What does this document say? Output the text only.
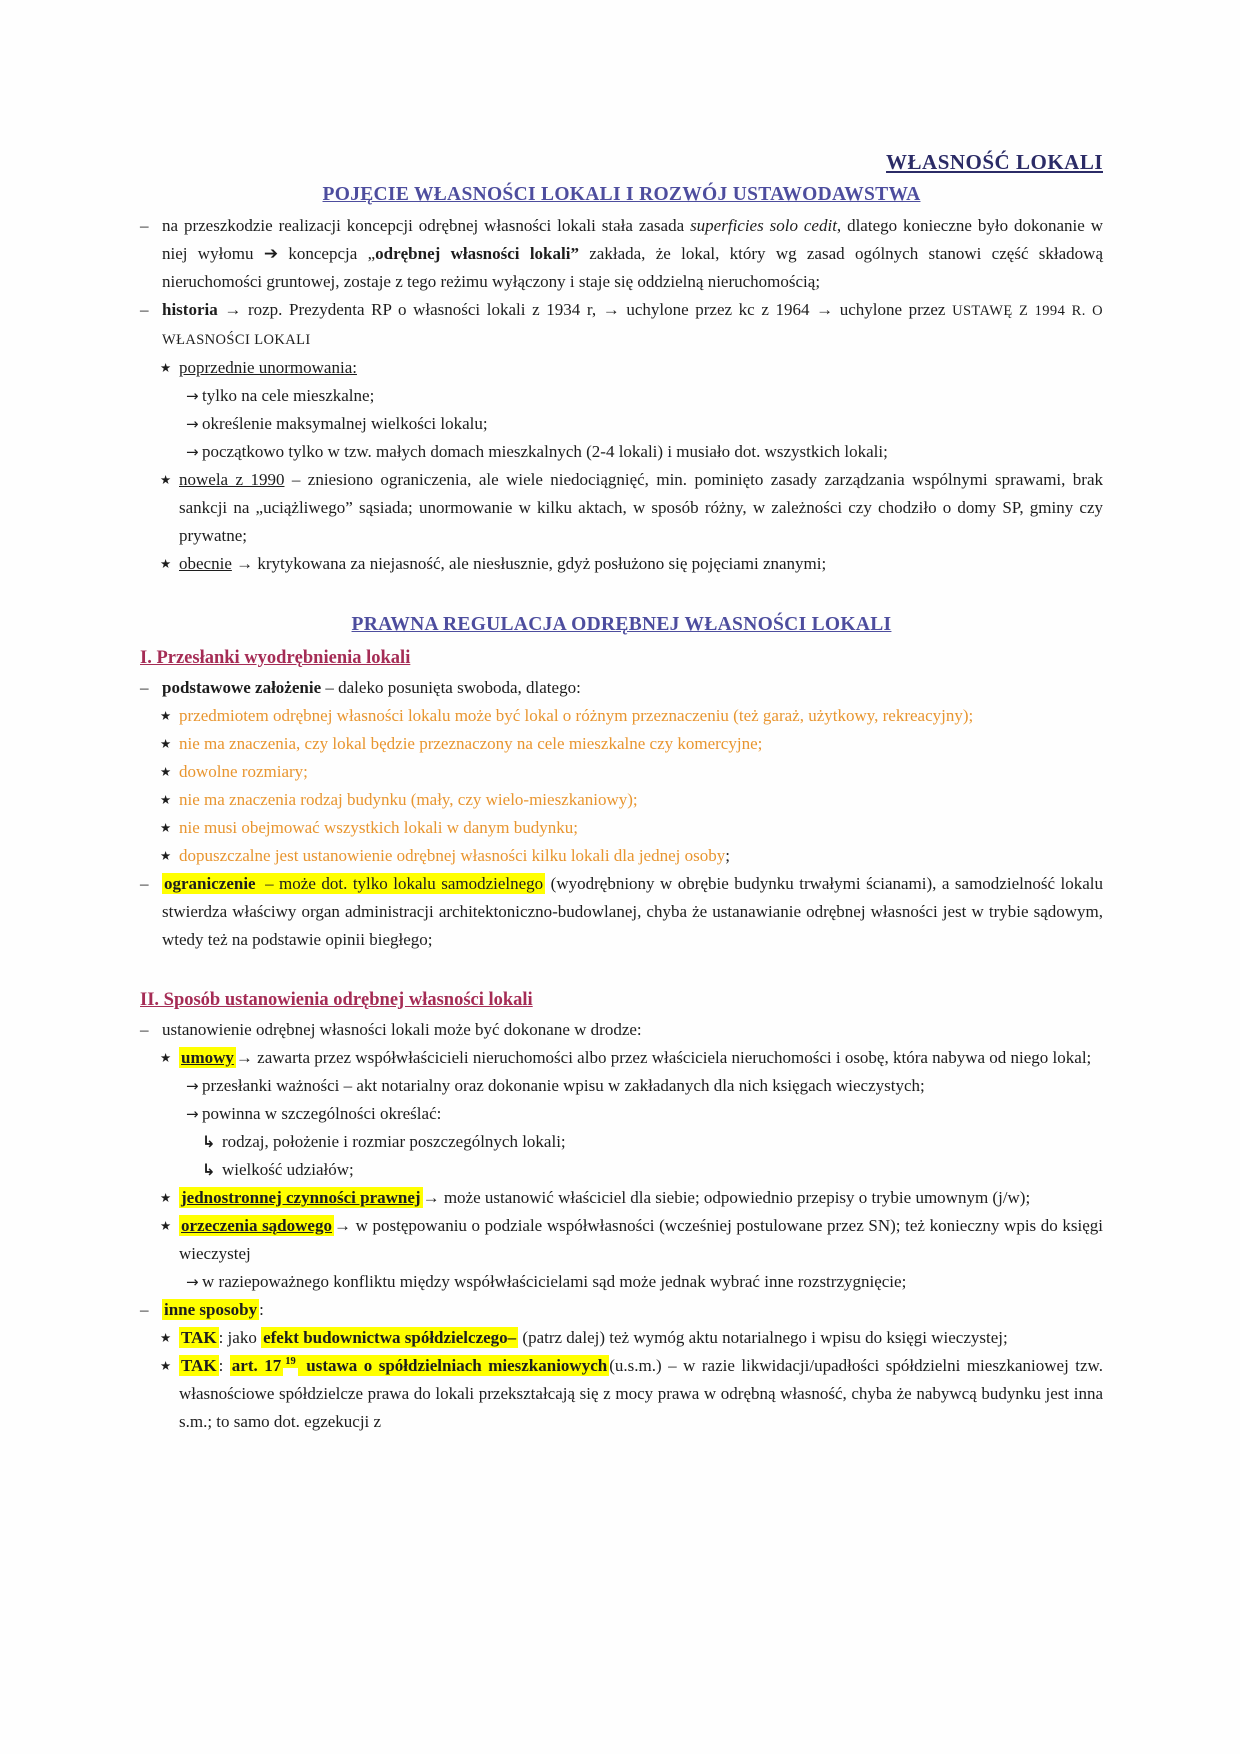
WŁASNOŚĆ LOKALI
POJĘCIE WŁASNOŚCI LOKALI I ROZWÓJ USTAWODAWSTWA
– na przeszkodzie realizacji koncepcji odrębnej własności lokali stała zasada superficies solo cedit, dlatego konieczne było dokonanie w niej wyłomu ➔ koncepcja „odrębnej własności lokali” zakłada, że lokal, który wg zasad ogólnych stanowi część składową nieruchomości gruntowej, zostaje z tego reżimu wyłączony i staje się oddzielną nieruchomością;
– historia → rozp. Prezydenta RP o własności lokali z 1934 r, → uchylone przez kc z 1964 → uchylone przez USTAWĘ Z 1994 R. O WŁASNOŚCI LOKALI
★ poprzednie unormowania:
→ tylko na cele mieszkalne;
→ określenie maksymalnej wielkości lokalu;
→ początkowo tylko w tzw. małych domach mieszkalnych (2-4 lokali) i musiało dot. wszystkich lokali;
★ nowela z 1990 – zniesiono ograniczenia, ale wiele niedociągnięć, min. pominięto zasady zarządzania wspólnymi sprawami, brak sankcji na „uciążliwego” sąsiada; unormowanie w kilku aktach, w sposób różny, w zależności czy chodziło o domy SP, gminy czy prywatne;
★ obecnie → krytykowana za niejasność, ale niesłusznie, gdyż posłużono się pojęciami znanymi;
PRAWNA REGULACJA ODRĘBNEJ WŁASNOŚCI LOKALI
I. Przesłanki wyodrębnienia lokali
– podstawowe założenie – daleko posunięta swoboda, dlatego:
★ przedmiotem odrębnej własności lokalu może być lokal o różnym przeznaczeniu (też garaż, użytkowy, rekreacyjny);
★ nie ma znaczenia, czy lokal będzie przeznaczony na cele mieszkalne czy komercyjne;
★ dowolne rozmiary;
★ nie ma znaczenia rodzaj budynku (mały, czy wielo-mieszkaniowy);
★ nie musi obejmować wszystkich lokali w danym budynku;
★ dopuszczalne jest ustanowienie odrębnej własności kilku lokali dla jednej osoby;
– ograniczenie – może dot. tylko lokalu samodzielnego (wyodrębniony w obrębie budynku trwałymi ścianami), a samodzielność lokalu stwierdza właściwy organ administracji architektoniczno-budowlanej, chyba że ustanawianie odrębnej własności jest w trybie sądowym, wtedy też na podstawie opinii biegłego;
II. Sposób ustanowienia odrębnej własności lokali
– ustanowienie odrębnej własności lokali może być dokonane w drodze:
★ umowy → zawarta przez współwłaścicieli nieruchomości albo przez właściciela nieruchomości i osobę, która nabywa od niego lokal;
→ przesłanki ważności – akt notarialny oraz dokonanie wpisu w zakładanych dla nich księgach wieczystych;
→ powinna w szczególności określać:
↳ rodzaj, położenie i rozmiar poszczególnych lokali;
↳ wielkość udziałów;
★ jednostronnej czynności prawnej → może ustanowić właściciel dla siebie; odpowiednio przepisy o trybie umownym (j/w);
★ orzeczenia sądowego → w postępowaniu o podziale współwłasności (wcześniej postulowane przez SN); też konieczny wpis do księgi wieczystej
→ w raziepoważnego konfliktu między współwłaścicielami sąd może jednak wybrać inne rozstrzygnięcie;
– inne sposoby :
★ TAK : jako efekt budownictwa spółdzielczego– (patrz dalej) też wymóg aktu notarialnego i wpisu do księgi wieczystej;
★ TAK : art. 17 $^{19}$ ustawa o spółdzielniach mieszkaniowych (u.s.m.) – w razie likwidacji/upadłości spółdzielni mieszkaniowej tzw. własnościowe spółdzielcze prawa do lokali przekształcają się z mocy prawa w odrębną własność, chyba że nabywcą budynku jest inna s.m.; to samo dot. egzekucji z
